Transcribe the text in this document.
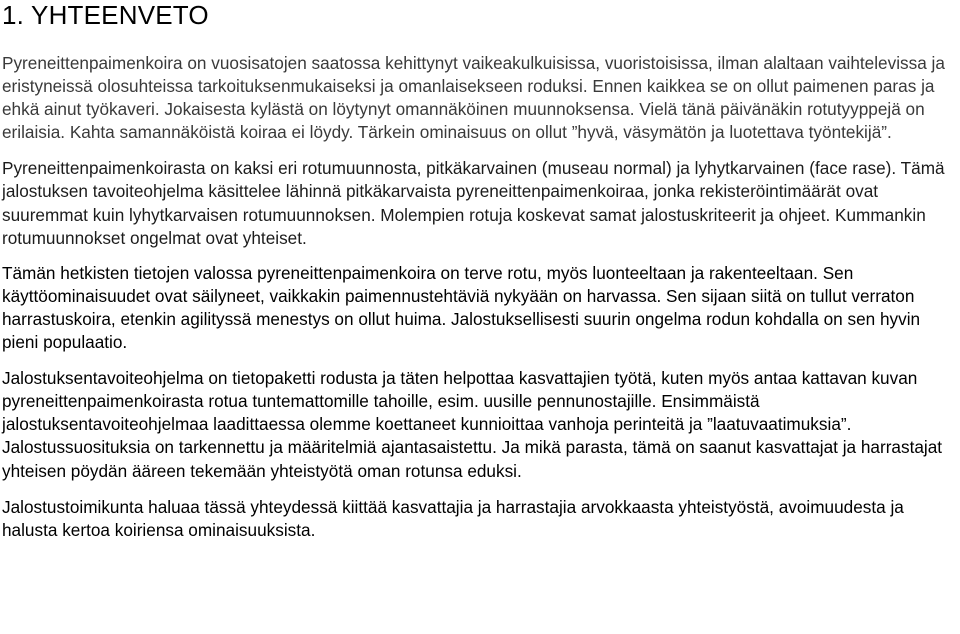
1. YHTEENVETO

Pyreneittenpaimenkoira on vuosisatojen saatossa kehittynyt vaikeakulkuisissa, vuoristoisissa, ilman alaltaan vaihtelevissa ja eristyneissä olosuhteissa tarkoituksenmukaiseksi ja omanlaisekseen roduksi. Ennen kaikkea se on ollut paimenen paras ja ehkä ainut työkaveri. Jokaisesta kylästä on löytynyt omannäköinen muunnoksensa. Vielä tänä päivänäkin rotutyyppejä on erilaisia. Kahta samannäköistä koiraa ei löydy. Tärkein ominaisuus on ollut ”hyvä, väsymätön ja luotettava työntekijä”.

Pyreneittenpaimenkoirasta on kaksi eri rotumuunnosta, pitkäkarvainen (museau normal) ja lyhytkarvainen (face rase). Tämä jalostuksen tavoiteohjelma käsittelee lähinnä pitkäkarvaista pyreneittenpaimenkoiraa, jonka rekisteröintimäärät ovat suuremmat kuin lyhytkarvaisen rotumuunnoksen. Molempien rotuja koskevat samat jalostuskriteerit ja ohjeet. Kummankin rotumuunnokset ongelmat ovat yhteiset.

Tämän hetkisten tietojen valossa pyreneittenpaimenkoira on terve rotu, myös luonteeltaan ja rakenteeltaan. Sen käyttöominaisuudet ovat säilyneet, vaikkakin paimennustehtäviä nykyään on harvassa. Sen sijaan siitä on tullut verraton harrastuskoira, etenkin agilityssä menestys on ollut huima. Jalostuksellisesti suurin ongelma rodun kohdalla on sen hyvin pieni populaatio.

Jalostuksentavoiteohjelma on tietopaketti rodusta ja täten helpottaa kasvattajien työtä, kuten myös antaa kattavan kuvan pyreneittenpaimenkoirasta rotua tuntemattomille tahoille, esim. uusille pennunostajille. Ensimmäistä jalostuksentavoiteohjelmaa laadittaessa olemme koettaneet kunnioittaa vanhoja perinteitä ja ”laatuvaatimuksia”. Jalostussuosituksia on tarkennettu ja määritelmiä ajantasaistettu. Ja mikä parasta, tämä on saanut kasvattajat ja harrastajat yhteisen pöydän ääreen tekemään yhteistyötä oman rotunsa eduksi.

Jalostustoimikunta haluaa tässä yhteydessä kiittää kasvattajia ja harrastajia arvokkaasta yhteistyöstä, avoimuudesta ja halusta kertoa koiriensa ominaisuuksista.
